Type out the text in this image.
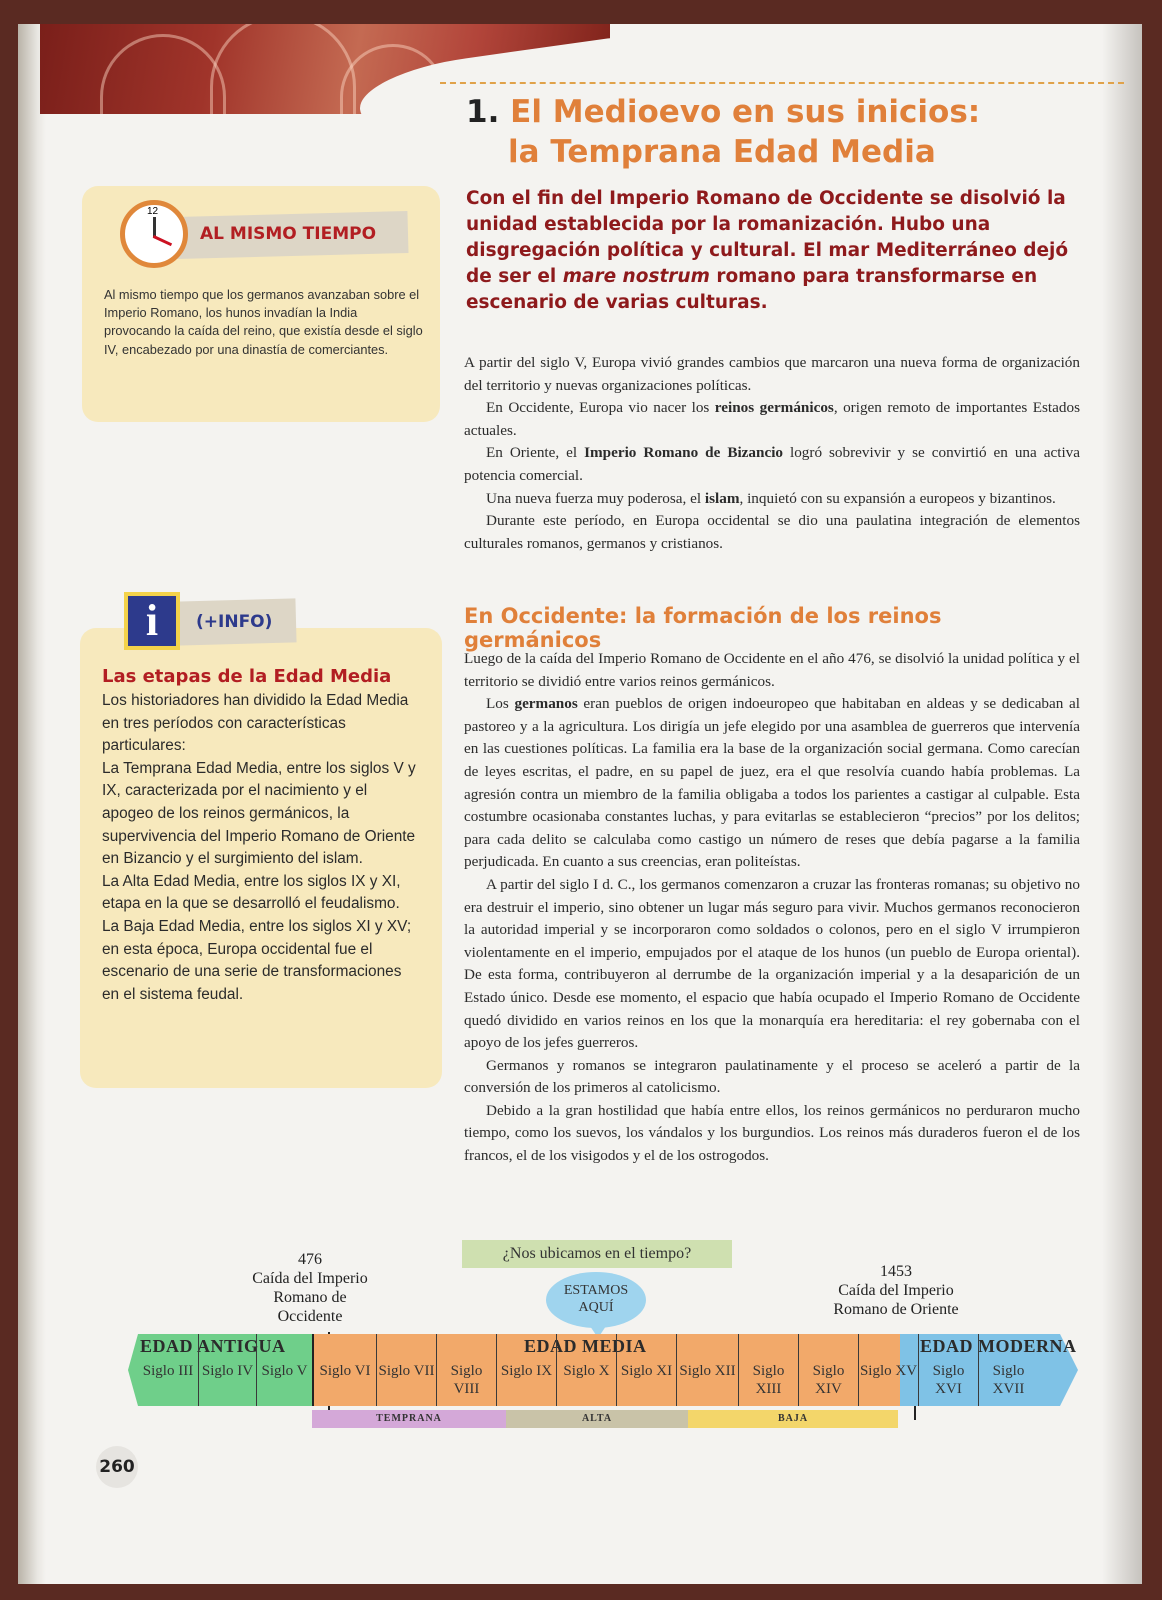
1. El Medioevo en sus inicios:
la Temprana Edad Media
Con el fin del Imperio Romano de Occidente se disolvió la unidad establecida por la romanización. Hubo una disgregación política y cultural. El mar Mediterráneo dejó de ser el mare nostrum romano para transformarse en escenario de varias culturas.
12
AL MISMO TIEMPO
Al mismo tiempo que los germanos avanzaban sobre el Imperio Romano, los hunos invadían la India provocando la caída del reino, que existía desde el siglo IV, encabezado por una dinastía de comerciantes.
i	(+INFO)
Las etapas de la Edad Media

Los historiadores han dividido la Edad Media en tres períodos con características particulares:

La Temprana Edad Media, entre los siglos V y IX, caracterizada por el nacimiento y el apogeo de los reinos germánicos, la supervivencia del Imperio Romano de Oriente en Bizancio y el surgimiento del islam.

La Alta Edad Media, entre los siglos IX y XI, etapa en la que se desarrolló el feudalismo.

La Baja Edad Media, entre los siglos XI y XV; en esta época, Europa occidental fue el escenario de una serie de transformaciones en el sistema feudal.

A partir del siglo V, Europa vivió grandes cambios que marcaron una nueva forma de organización del territorio y nuevas organizaciones políticas.

En Occidente, Europa vio nacer los reinos germánicos, origen remoto de importantes Estados actuales.

En Oriente, el Imperio Romano de Bizancio logró sobrevivir y se convirtió en una activa potencia comercial.

Una nueva fuerza muy poderosa, el islam, inquietó con su expansión a europeos y bizantinos.

Durante este período, en Europa occidental se dio una paulatina integración de elementos culturales romanos, germanos y cristianos.

En Occidente: la formación de los reinos germánicos

Luego de la caída del Imperio Romano de Occidente en el año 476, se disolvió la unidad política y el territorio se dividió entre varios reinos germánicos.

Los germanos eran pueblos de origen indoeuropeo que habitaban en aldeas y se dedicaban al pastoreo y a la agricultura. Los dirigía un jefe elegido por una asamblea de guerreros que intervenía en las cuestiones políticas. La familia era la base de la organización social germana. Como carecían de leyes escritas, el padre, en su papel de juez, era el que resolvía cuando había problemas. La agresión contra un miembro de la familia obligaba a todos los parientes a castigar al culpable. Esta costumbre ocasionaba constantes luchas, y para evitarlas se establecieron “precios” por los delitos; para cada delito se calculaba como castigo un número de reses que debía pagarse a la familia perjudicada. En cuanto a sus creencias, eran politeístas.

A partir del siglo I d. C., los germanos comenzaron a cruzar las fronteras romanas; su objetivo no era destruir el imperio, sino obtener un lugar más seguro para vivir. Muchos germanos reconocieron la autoridad imperial y se incorporaron como soldados o colonos, pero en el siglo V irrumpieron violentamente en el imperio, empujados por el ataque de los hunos (un pueblo de Europa oriental). De esta forma, contribuyeron al derrumbe de la organización imperial y a la desaparición de un Estado único. Desde ese momento, el espacio que había ocupado el Imperio Romano de Occidente quedó dividido en varios reinos en los que la monarquía era hereditaria: el rey gobernaba con el apoyo de los jefes guerreros.

Germanos y romanos se integraron paulatinamente y el proceso se aceleró a partir de la conversión de los primeros al catolicismo.

Debido a la gran hostilidad que había entre ellos, los reinos germánicos no perduraron mucho tiempo, como los suevos, los vándalos y los burgundios. Los reinos más duraderos fueron el de los francos, el de los visigodos y el de los ostrogodos.

¿Nos ubicamos en el tiempo?
ESTAMOS AQUÍ
476
Caída del Imperio Romano de Occidente
1453
Caída del Imperio Romano de Oriente
EDAD ANTIGUA	EDAD MEDIA	EDAD MODERNA
Siglo III Siglo IV Siglo V Siglo VI Siglo VII	Siglo VIII
Siglo IX Siglo X Siglo XI Siglo XII	Siglo XIII
Siglo XIV
Siglo XV	Siglo XVI
Siglo XVII
TEMPRANA	ALTA	BAJA
260
